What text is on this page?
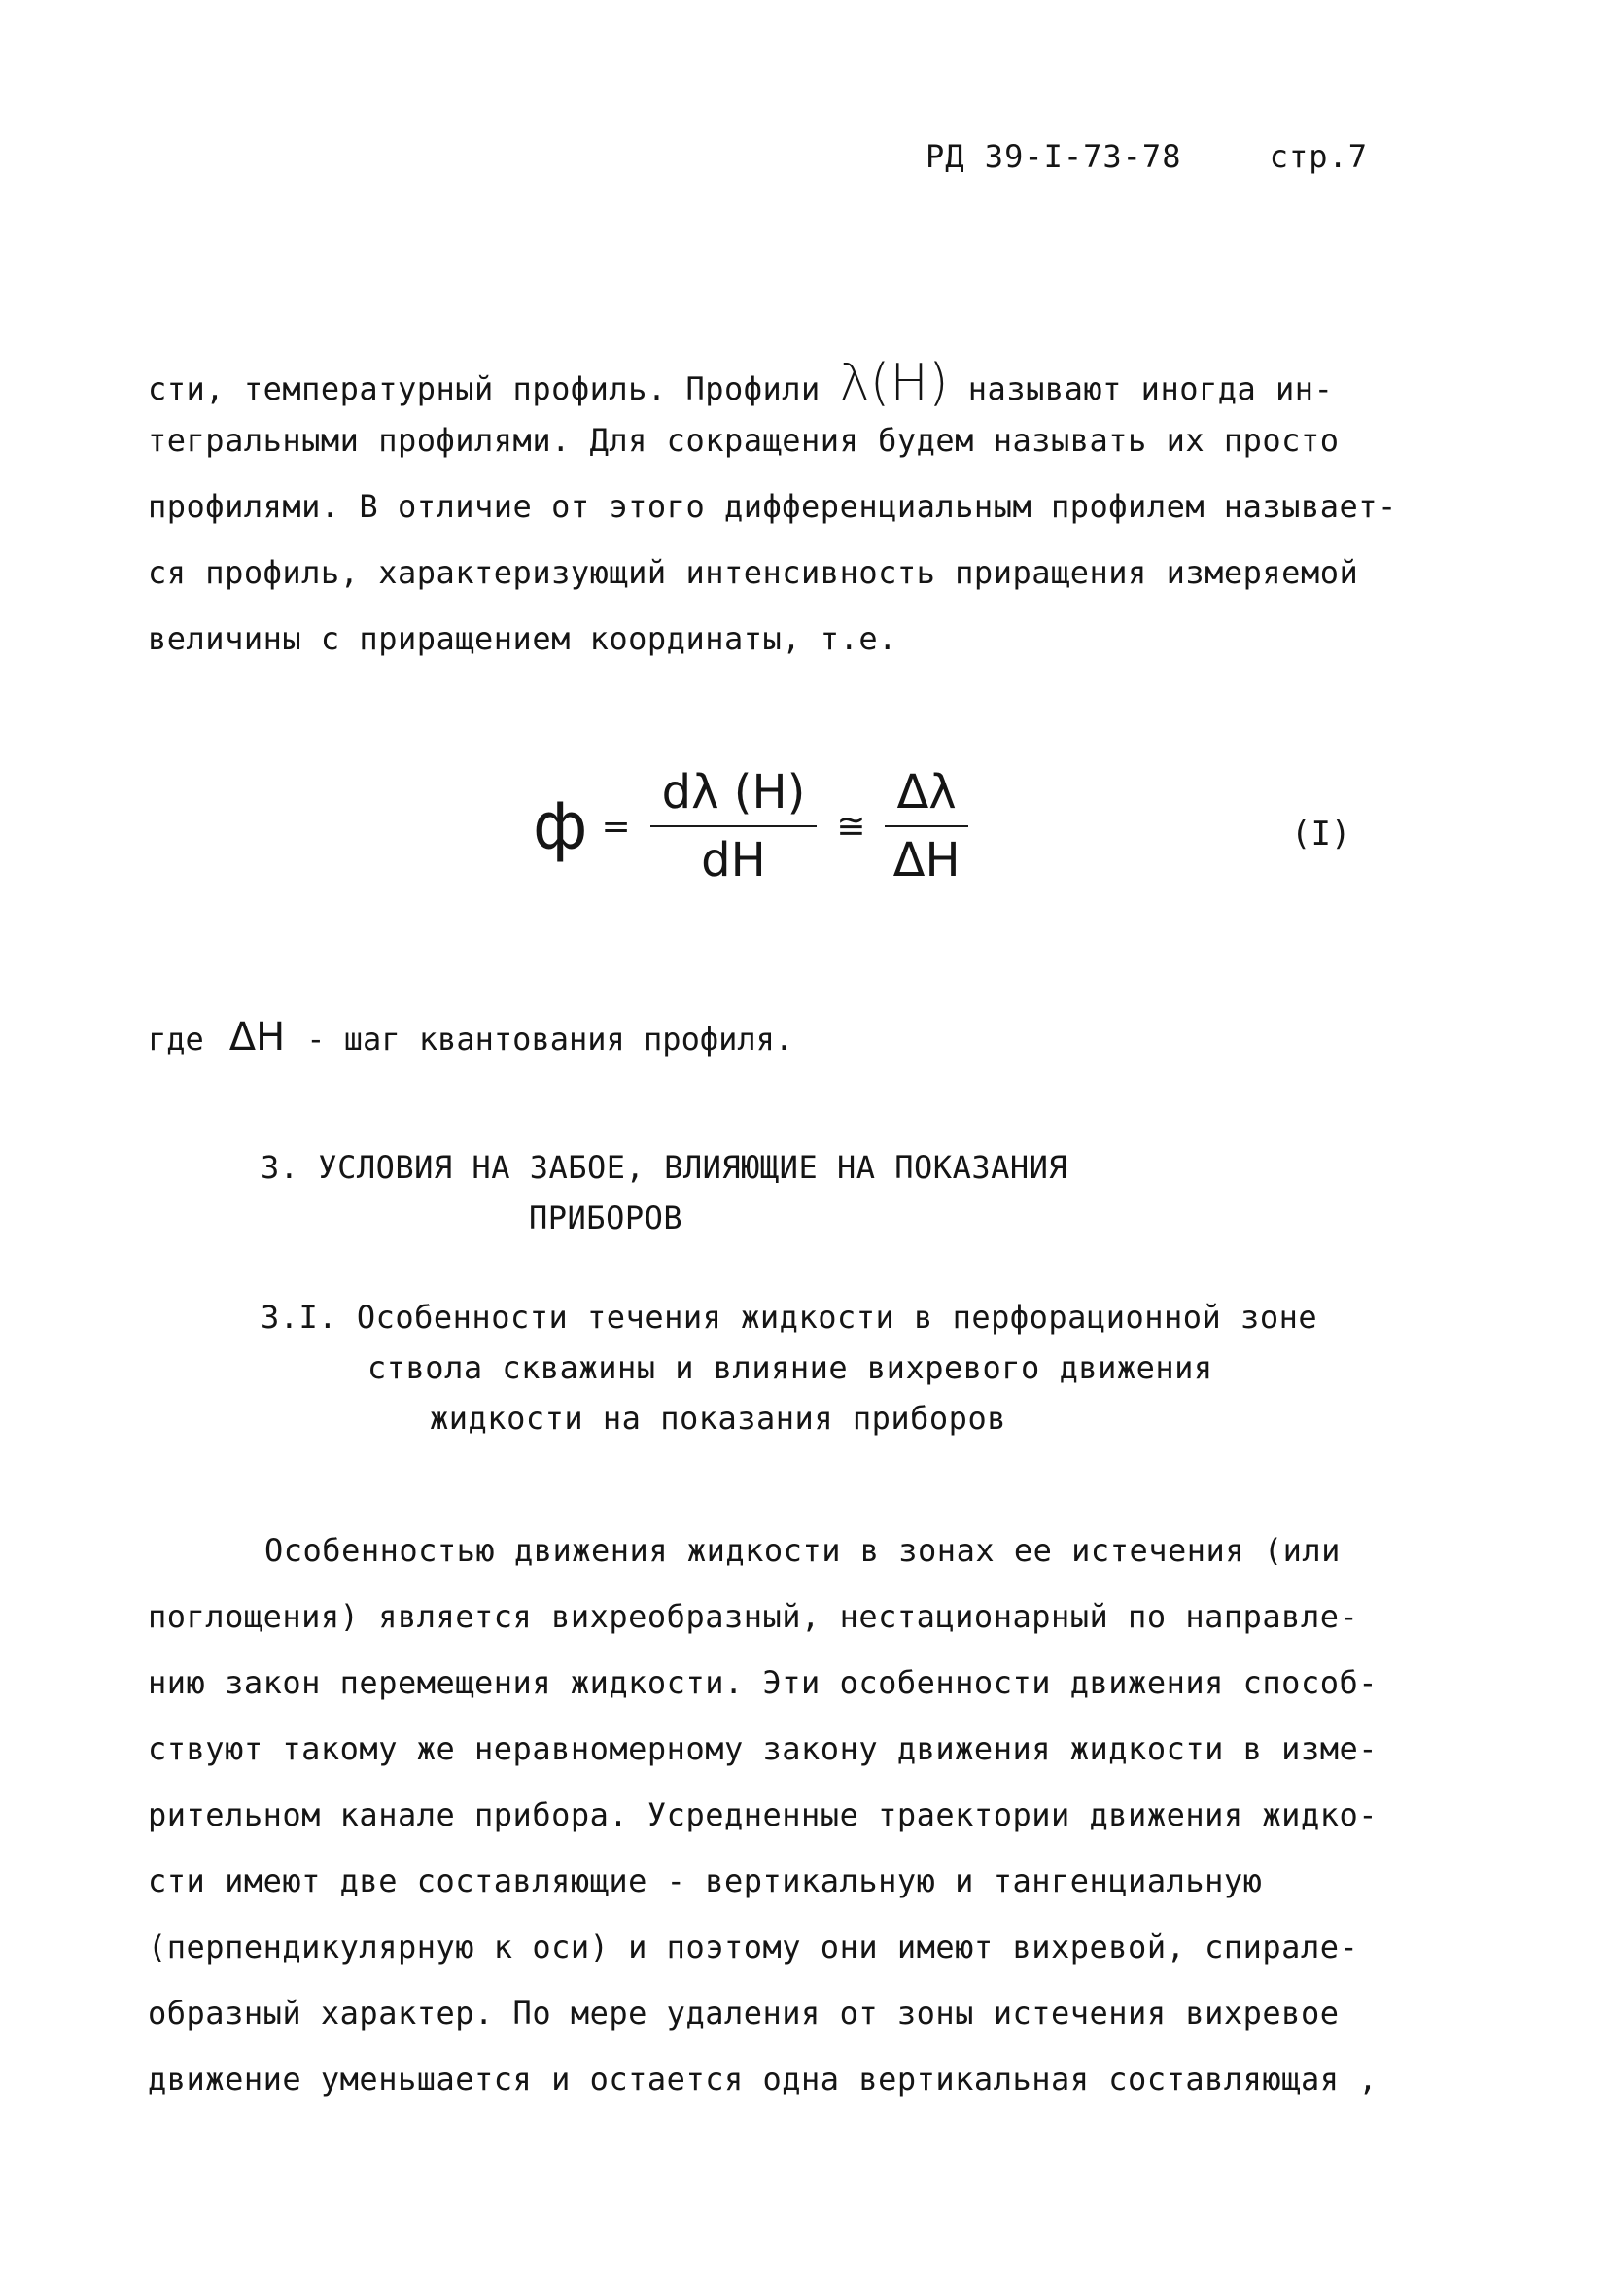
РД 39-I-73-78	стр.7
сти, температурный профиль. Профили λ(H) называют иногда ин-
тегральными профилями. Для сокращения будем называть их просто
профилями. В отличие от этого дифференциальным профилем называет-
ся профиль, характеризующий интенсивность приращения измеряемой
величины с приращением координаты, т.е.
$ф = \frac{d\lambda (H)}{dH}$ ≅ $\frac{\Delta\lambda}{\Delta H}$	(I)
где ΔH - шаг квантования профиля.
3. УСЛОВИЯ НА ЗАБОЕ, ВЛИЯЮЩИЕ НА ПОКАЗАНИЯ
ПРИБОРОВ
3.I. Особенности течения жидкости в перфорационной зоне
ствола скважины и влияние вихревого движения
жидкости на показания приборов
Особенностью движения жидкости в зонах ее истечения (или
поглощения) является вихреобразный, нестационарный по направле-
нию закон перемещения жидкости. Эти особенности движения способ-
ствуют такому же неравномерному закону движения жидкости в изме-
рительном канале прибора. Усредненные траектории движения жидко-
сти имеют две составляющие - вертикальную и тангенциальную
(перпендикулярную к оси) и поэтому они имеют вихревой, спирале-
образный характер. По мере удаления от зоны истечения вихревое
движение уменьшается и остается одна вертикальная составляющая ,
